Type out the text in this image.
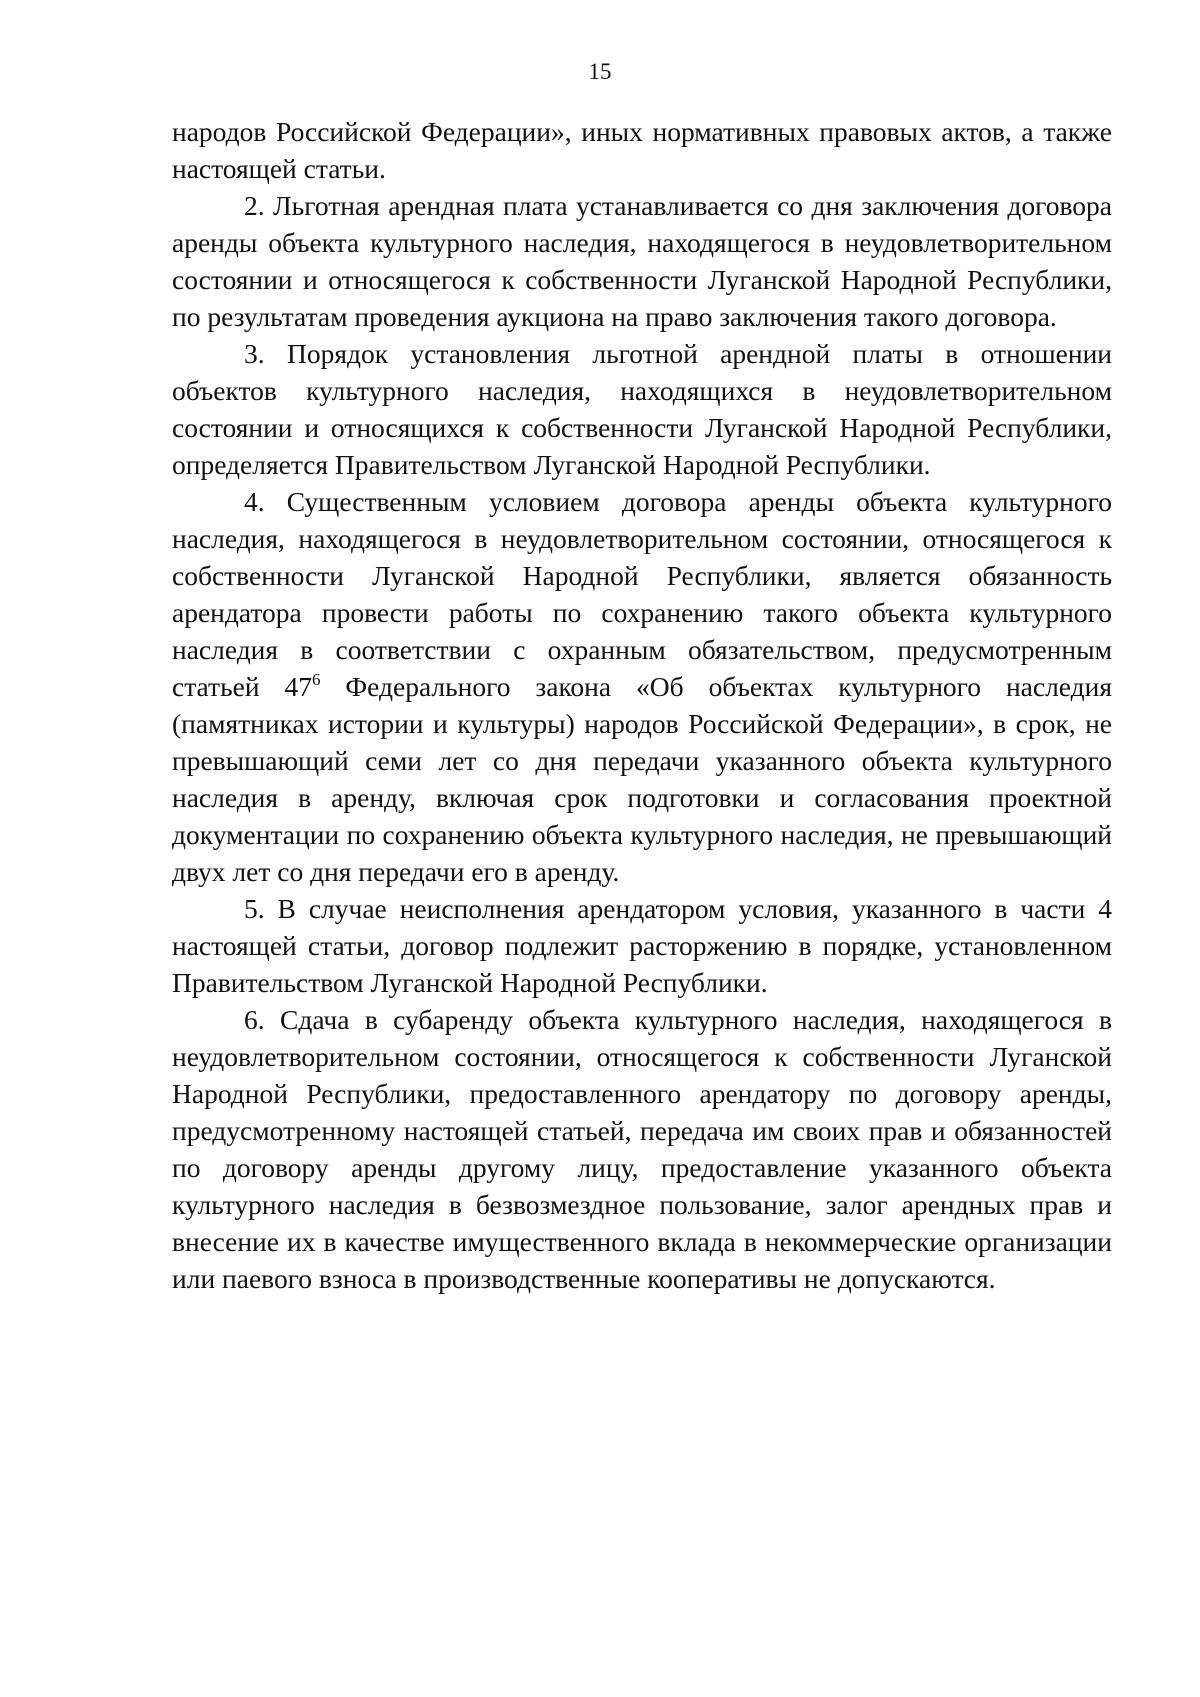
15

народов Российской Федерации», иных нормативных правовых актов, а также настоящей статьи.

2. Льготная арендная плата устанавливается со дня заключения договора аренды объекта культурного наследия, находящегося в неудовлетворительном состоянии и относящегося к собственности Луганской Народной Республики, по результатам проведения аукциона на право заключения такого договора.

3. Порядок установления льготной арендной платы в отношении объектов культурного наследия, находящихся в неудовлетворительном состоянии и относящихся к собственности Луганской Народной Республики, определяется Правительством Луганской Народной Республики.

4. Существенным условием договора аренды объекта культурного наследия, находящегося в неудовлетворительном состоянии, относящегося к собственности Луганской Народной Республики, является обязанность арендатора провести работы по сохранению такого объекта культурного наследия в соответствии с охранным обязательством, предусмотренным статьей $47^6$ Федерального закона «Об объектах культурного наследия (памятниках истории и культуры) народов Российской Федерации», в срок, не превышающий семи лет со дня передачи указанного объекта культурного наследия в аренду, включая срок подготовки и согласования проектной документации по сохранению объекта культурного наследия, не превышающий двух лет со дня передачи его в аренду.

5. В случае неисполнения арендатором условия, указанного в части 4 настоящей статьи, договор подлежит расторжению в порядке, установленном Правительством Луганской Народной Республики.

6. Сдача в субаренду объекта культурного наследия, находящегося в неудовлетворительном состоянии, относящегося к собственности Луганской Народной Республики, предоставленного арендатору по договору аренды, предусмотренному настоящей статьей, передача им своих прав и обязанностей по договору аренды другому лицу, предоставление указанного объекта культурного наследия в безвозмездное пользование, залог арендных прав и внесение их в качестве имущественного вклада в некоммерческие организации или паевого взноса в производственные кооперативы не допускаются.
